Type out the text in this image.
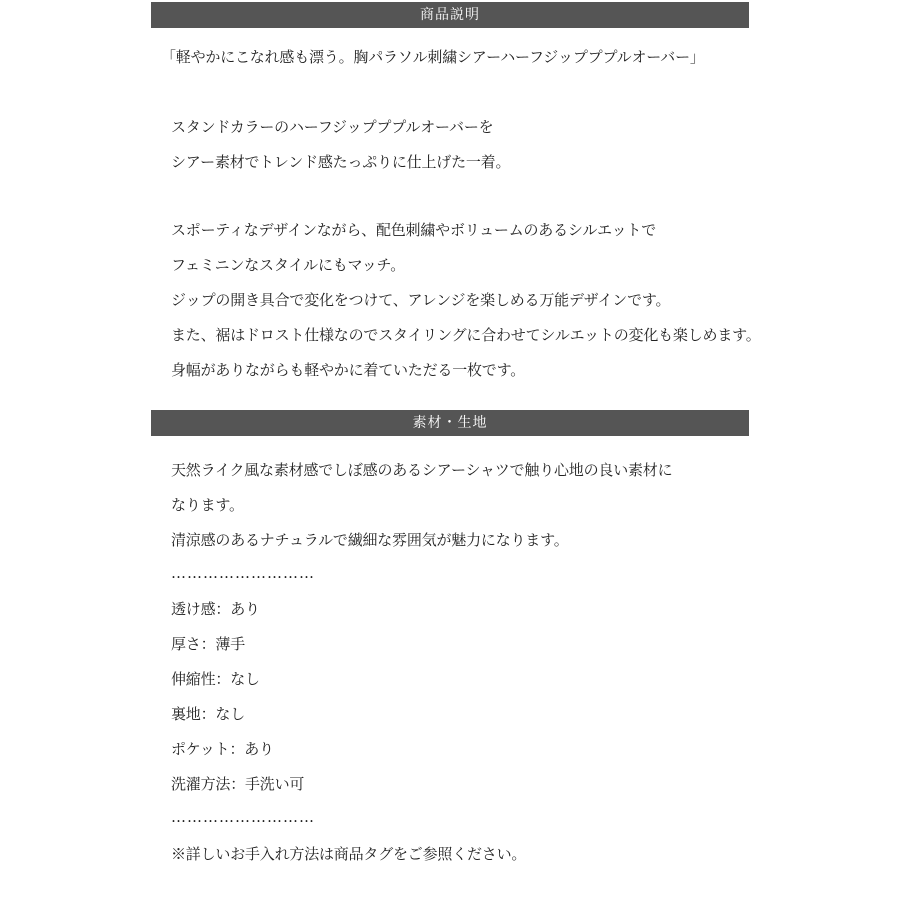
商品説明
「軽やかにこなれ感も漂う。胸パラソル刺繍シアーハーフジップププルオーバー」
スタンドカラーのハーフジップププルオーバーを
シアー素材でトレンド感たっぷりに仕上げた一着。
スポーティなデザインながら、配色刺繍やボリュームのあるシルエットで
フェミニンなスタイルにもマッチ。
ジップの開き具合で変化をつけて、アレンジを楽しめる万能デザインです。
また、裾はドロスト仕様なのでスタイリングに合わせてシルエットの変化も楽しめます。
身幅がありながらも軽やかに着ていただる一枚です。
素材・生地
天然ライク風な素材感でしぼ感のあるシアーシャツで触り心地の良い素材に
なります。
清涼感のあるナチュラルで繊細な雰囲気が魅力になります。
………………………
透け感：あり
厚さ：薄手
伸縮性：なし
裏地：なし
ポケット：あり
洗濯方法：手洗い可
………………………
※詳しいお手入れ方法は商品タグをご参照ください。
